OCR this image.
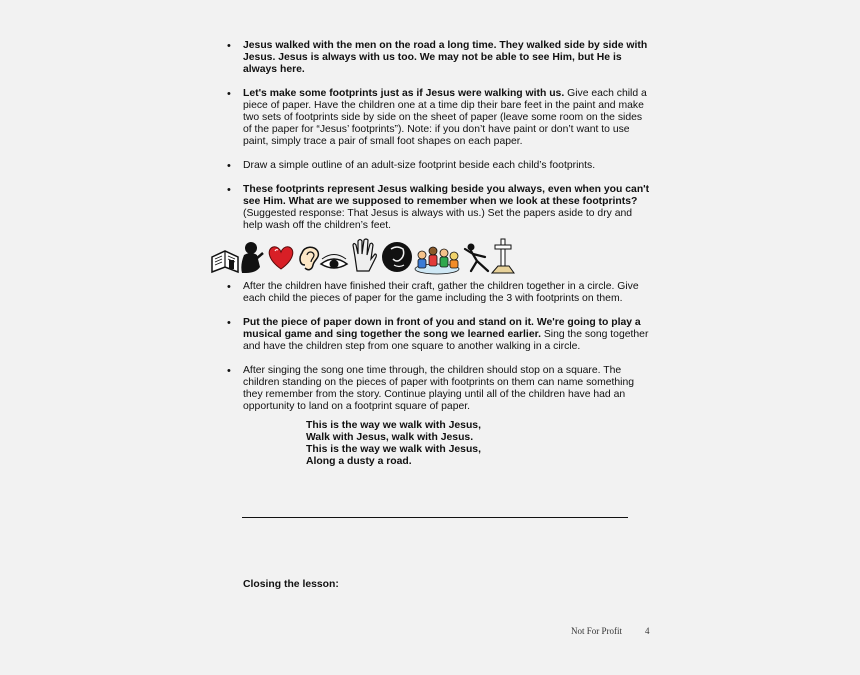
• Jesus walked with the men on the road a long time. They walked side by side with Jesus. Jesus is always with us too. We may not be able to see Him, but He is always here.
• Let's make some footprints just as if Jesus were walking with us. Give each child a piece of paper. Have the children one at a time dip their bare feet in the paint and make two sets of footprints side by side on the sheet of paper (leave some room on the sides of the paper for “Jesus’ footprints”). Note: if you don’t have paint or don’t want to use paint, simply trace a pair of small foot shapes on each paper.
• Draw a simple outline of an adult-size footprint beside each child’s footprints.
• These footprints represent Jesus walking beside you always, even when you can't see Him. What are we supposed to remember when we look at these footprints? (Suggested response: That Jesus is always with us.) Set the papers aside to dry and help wash off the children’s feet.
• After the children have finished their craft, gather the children together in a circle. Give each child the pieces of paper for the game including the 3 with footprints on them.
• Put the piece of paper down in front of you and stand on it. We're going to play a musical game and sing together the song we learned earlier. Sing the song together and have the children step from one square to another walking in a circle.
• After singing the song one time through, the children should stop on a square. The children standing on the pieces of paper with footprints on them can name something they remember from the story. Continue playing until all of the children have had an opportunity to land on a footprint square of paper.
This is the way we walk with Jesus,
Walk with Jesus, walk with Jesus.
This is the way we walk with Jesus,
Along a dusty a road.
Closing the lesson:
Not For Profit	4
